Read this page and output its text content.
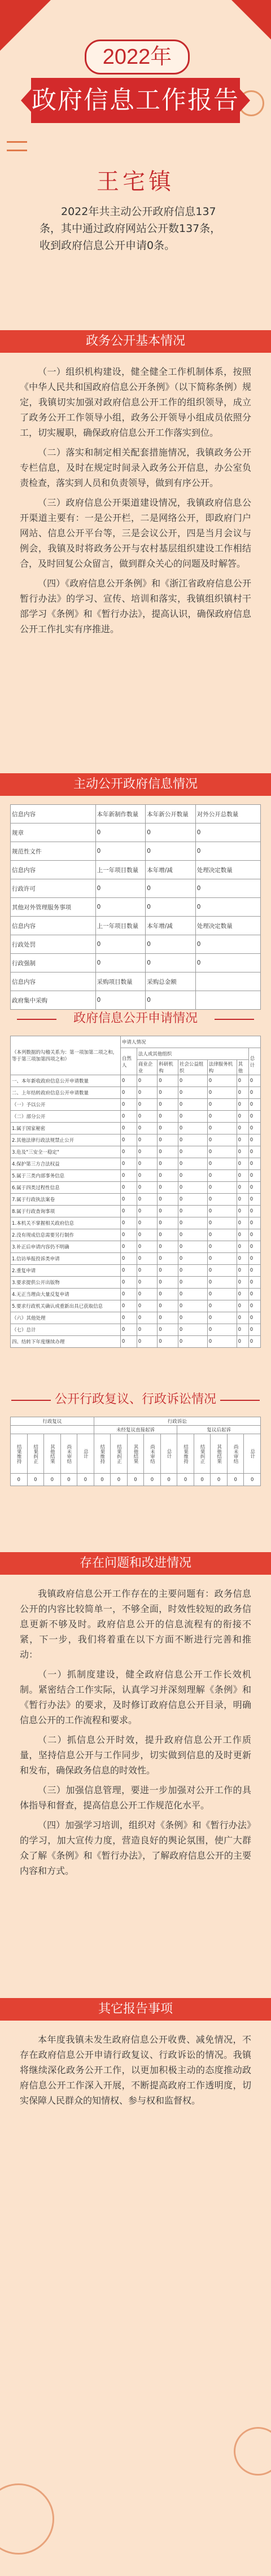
2022年
政府信息工作报告
王宅镇
2022年共主动公开政府信息137条，其中通过政府网站公开数137条，收到政府信息公开申请0条。
政务公开基本情况

（一）组织机构建设，健全健全工作机制体系，按照《中华人民共和国政府信息公开条例》（以下简称条例）规定，我镇切实加强对政府信息公开工作的组织领导，成立了政务公开工作领导小组，政务公开领导小组成员依照分工，切实履职，确保政府信息公开工作落实到位。

（二）落实和制定相关配套措施情况，我镇政务公开专栏信息，及时在规定时间录入政务公开信息，办公室负责检查，落实到人员和负责领导，做到有序公开。

（三）政府信息公开渠道建设情况，我镇政府信息公开渠道主要有：一是公开栏，二是网络公开，即政府门户网站、信息公开平台等，三是会议公开，四是当月会议与例会，我镇及时将政务公开与农村基层组织建设工作相结合，及时回复公众留言，做到群众关心的问题及时解答。

（四）《政府信息公开条例》和《浙江省政府信息公开暂行办法》的学习、宣传、培训和落实，我镇组织镇村干部学习《条例》和《暂行办法》，提高认识，确保政府信息公开工作扎实有序推进。

主动公开政府信息情况
信息内容	本年新制作数量	本年新公开数量	对外公开总数量
规章	0	0	0
规范性文件	0	0	0
信息内容	上一年项目数量	本年增/减	处理决定数量
行政许可	0	0	0
其他对外管理服务事项	0	0	0
信息内容	上一年项目数量	本年增/减	处理决定数量
行政处罚	0	0	0
行政强制	0	0	0
信息内容	采购项目数量	采购总金额	
政府集中采购	0	0	
政府信息公开申请情况
（本列数据的勾稽关系为：第一项加第二项之和，等于第三项加第四项之和）	申请人情况						
	自然人	法人或其他组织					总计
		商业企业	科研机构	社会公益组织	法律服务机构	其他	
一、本年新收政府信息公开申请数量	0	0	0	0	0	0	0
二、上年结转政府信息公开申请数量	0	0	0	0	0	0	0
（一）予以公开	0	0	0	0	0	0	0
（二）部分公开	0	0	0	0	0	0	0
1.属于国家秘密	0	0	0	0	0	0	0
2.其他法律行政法规禁止公开	0	0	0	0	0	0	0
3.危及"三安全一稳定"	0	0	0	0	0	0	0
4.保护第三方合法权益	0	0	0	0	0	0	0
5.属于三类内部事务信息	0	0	0	0	0	0	0
6.属于四类过程性信息	0	0	0	0	0	0	0
7.属于行政执法案卷	0	0	0	0	0	0	0
8.属于行政查询事项	0	0	0	0	0	0	0
1.本机关不掌握相关政府信息	0	0	0	0	0	0	0
2.没有现成信息需要另行制作	0	0	0	0	0	0	0
3.补正后申请内容仍不明确	0	0	0	0	0	0	0
1.信访举报投诉类申请	0	0	0	0	0	0	0
2.重复申请	0	0	0	0	0	0	0
3.要求提供公开出版物	0	0	0	0	0	0	0
4.无正当理由大量反复申请	0	0	0	0	0	0	0
5.要求行政机关确认或重新出具已获取信息	0	0	0	0	0	0	0
（六）其他处理	0	0	0	0	0	0	0
（七）总计	0	0	0	0	0	0	0
四、结转下年度继续办理	0	0	0	0	0	0	0
公开行政复议、行政诉讼情况
行政复议					行政诉讼									
					未经复议直接起诉					复议后起诉				
结果维持	结果纠正	其他结果	尚未审结	总计	结果维持	结果纠正	其他结果	尚未审结	总计	结果维持	结果纠正	其他结果	尚未审结	总计
0	0	0	0	0	0	0	0	0	0	0	0	0	0	0
存在问题和改进情况

我镇政府信息公开工作存在的主要问题有：政务信息公开的内容比较简单一，不够全面，时效性较短的政务信息更新不够及时。政府信息公开的信息流程有的衔接不紧，下一步，我们将着重在以下方面不断进行完善和推动：

（一）抓制度建设，健全政府信息公开工作长效机制。紧密结合工作实际，认真学习并深刻理解《条例》和《暂行办法》的要求，及时修订政府信息公开目录，明确信息公开的工作流程和要求。

（二）抓信息公开时效，提升政府信息公开工作质量，坚持信息公开与工作同步，切实做到信息的及时更新和发布，确保政务信息的时效性。

（三）加强信息管理，要进一步加强对公开工作的具体指导和督查，提高信息公开工作规范化水平。

（四）加强学习培训，组织对《条例》和《暂行办法》的学习，加大宣传力度，营造良好的舆论氛围，使广大群众了解《条例》和《暂行办法》，了解政府信息公开的主要内容和方式。

其它报告事项

本年度我镇未发生政府信息公开收费、减免情况，不存在政府信息公开申请行政复议、行政诉讼的情况。我镇将继续深化政务公开工作，以更加积极主动的态度推动政府信息公开工作深入开展，不断提高政府工作透明度，切实保障人民群众的知情权、参与权和监督权。
